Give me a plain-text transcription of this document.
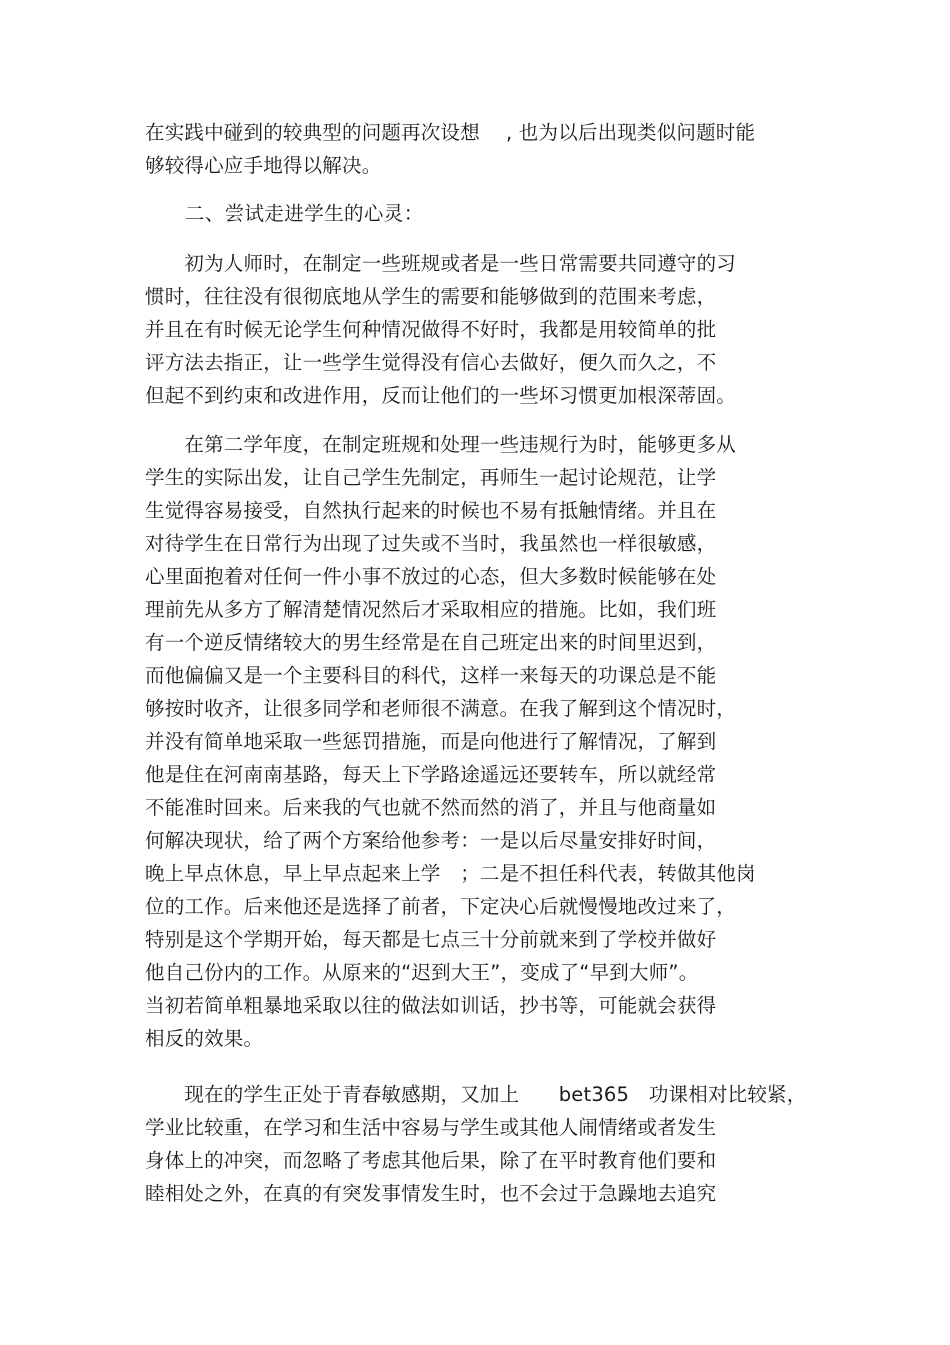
在实践中碰到的较典型的问题再次设想　 , 也为以后出现类似问题时能
够较得心应手地得以解决。
　　二、尝试走进学生的心灵：
　　初为人师时，在制定一些班规或者是一些日常需要共同遵守的习
惯时，往往没有很彻底地从学生的需要和能够做到的范围来考虑，
并且在有时候无论学生何种情况做得不好时，我都是用较简单的批
评方法去指正，让一些学生觉得没有信心去做好，便久而久之，不
但起不到约束和改进作用，反而让他们的一些坏习惯更加根深蒂固。
　　在第二学年度，在制定班规和处理一些违规行为时，能够更多从
学生的实际出发，让自己学生先制定，再师生一起讨论规范，让学
生觉得容易接受，自然执行起来的时候也不易有抵触情绪。并且在
对待学生在日常行为出现了过失或不当时，我虽然也一样很敏感，
心里面抱着对任何一件小事不放过的心态，但大多数时候能够在处
理前先从多方了解清楚情况然后才采取相应的措施。比如，我们班
有一个逆反情绪较大的男生经常是在自己班定出来的时间里迟到，
而他偏偏又是一个主要科目的科代，这样一来每天的功课总是不能
够按时收齐，让很多同学和老师很不满意。在我了解到这个情况时，
并没有简单地采取一些惩罚措施，而是向他进行了解情况，了解到
他是住在河南南基路，每天上下学路途遥远还要转车，所以就经常
不能准时回来。后来我的气也就不然而然的消了，并且与他商量如
何解决现状，给了两个方案给他参考：一是以后尽量安排好时间，
晚上早点休息，早上早点起来上学　；二是不担任科代表，转做其他岗
位的工作。后来他还是选择了前者，下定决心后就慢慢地改过来了，
特别是这个学期开始，每天都是七点三十分前就来到了学校并做好
他自己份内的工作。从原来的“迟到大王”，变成了“早到大师”。
当初若简单粗暴地采取以往的做法如训话，抄书等，可能就会获得
相反的效果。
　　现在的学生正处于青春敏感期，又加上　　bet365　功课相对比较紧，
学业比较重，在学习和生活中容易与学生或其他人闹情绪或者发生
身体上的冲突，而忽略了考虑其他后果，除了在平时教育他们要和
睦相处之外，在真的有突发事情发生时，也不会过于急躁地去追究
